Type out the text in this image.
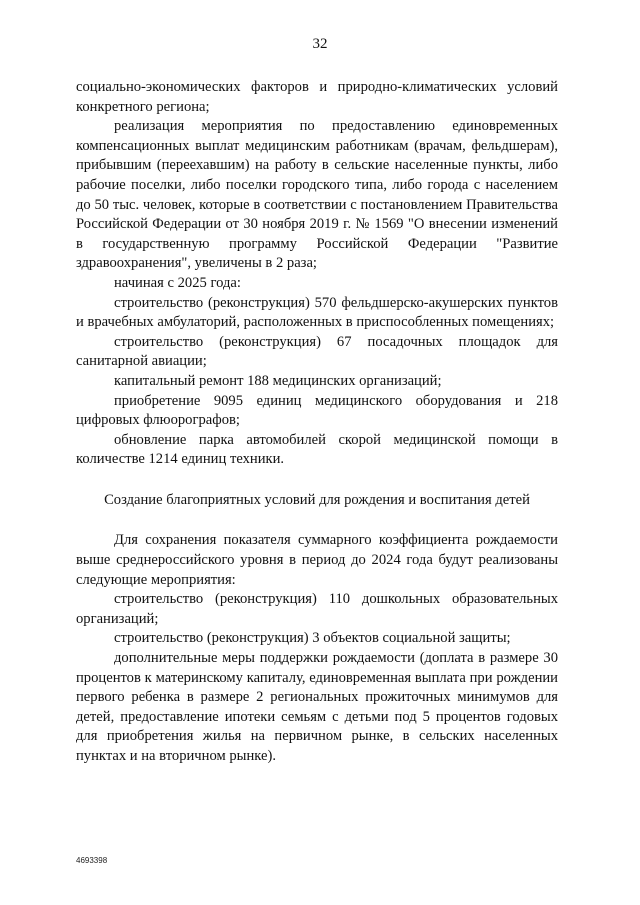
32

социально-экономических факторов и природно-климатических условий конкретного региона;

реализация мероприятия по предоставлению единовременных компенсационных выплат медицинским работникам (врачам, фельдшерам), прибывшим (переехавшим) на работу в сельские населенные пункты, либо рабочие поселки, либо поселки городского типа, либо города с населением до 50 тыс. человек, которые в соответствии с постановлением Правительства Российской Федерации от 30 ноября 2019 г. № 1569 "О внесении изменений в государственную программу Российской Федерации "Развитие здравоохранения", увеличены в 2 раза;

начиная с 2025 года:

строительство (реконструкция) 570 фельдшерско-акушерских пунктов и врачебных амбулаторий, расположенных в приспособленных помещениях;

строительство (реконструкция) 67 посадочных площадок для санитарной авиации;

капитальный ремонт 188 медицинских организаций;

приобретение 9095 единиц медицинского оборудования и 218 цифровых флюорографов;

обновление парка автомобилей скорой медицинской помощи в количестве 1214 единиц техники.

Создание благоприятных условий для рождения и воспитания детей

Для сохранения показателя суммарного коэффициента рождаемости выше среднероссийского уровня в период до 2024 года будут реализованы следующие мероприятия:

строительство (реконструкция) 110 дошкольных образовательных организаций;

строительство (реконструкция) 3 объектов социальной защиты;

дополнительные меры поддержки рождаемости (доплата в размере 30 процентов к материнскому капиталу, единовременная выплата при рождении первого ребенка в размере 2 региональных прожиточных минимумов для детей, предоставление ипотеки семьям с детьми под 5 процентов годовых для приобретения жилья на первичном рынке, в сельских населенных пунктах и на вторичном рынке).

4693398
